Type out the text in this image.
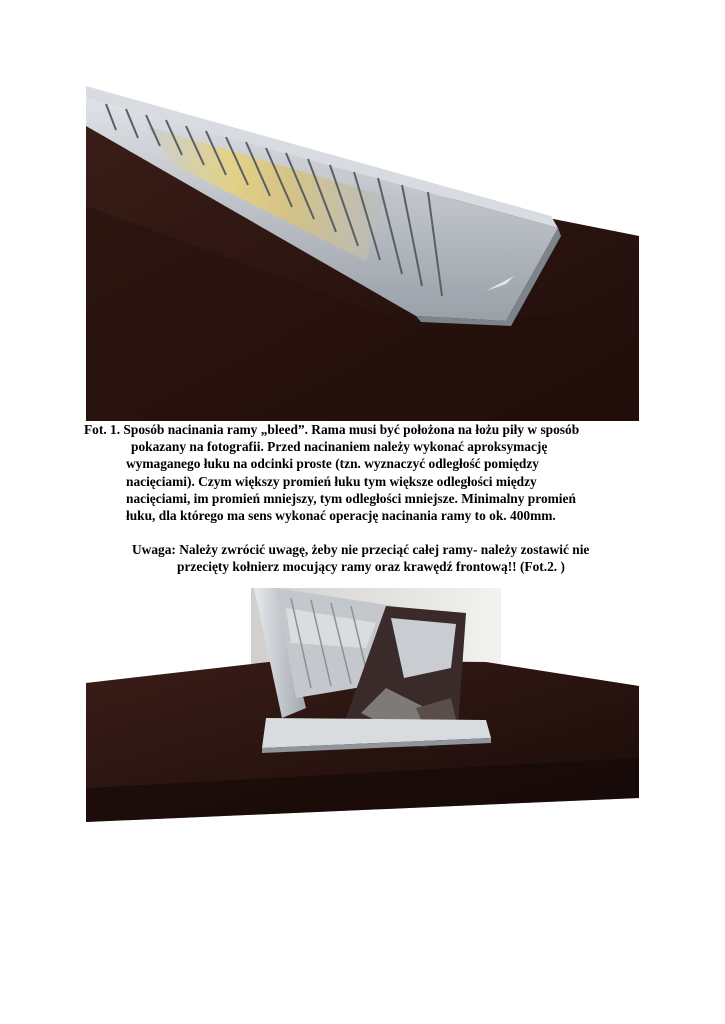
Fot. 1. Sposób nacinania ramy „bleed”. Rama musi być położona na łożu piły w sposób
pokazany na fotografii. Przed nacinaniem należy wykonać aproksymację
wymaganego łuku na odcinki proste (tzn. wyznaczyć odległość pomiędzy
nacięciami). Czym większy promień łuku tym większe odległości między
nacięciami, im promień mniejszy, tym odległości mniejsze. Minimalny promień
łuku, dla którego ma sens wykonać operację nacinania ramy to ok. 400mm.
Uwaga: Należy zwrócić uwagę, żeby nie przeciąć całej ramy- należy zostawić nie
przecięty kołnierz mocujący ramy oraz krawędź frontową!! (Fot.2. )
